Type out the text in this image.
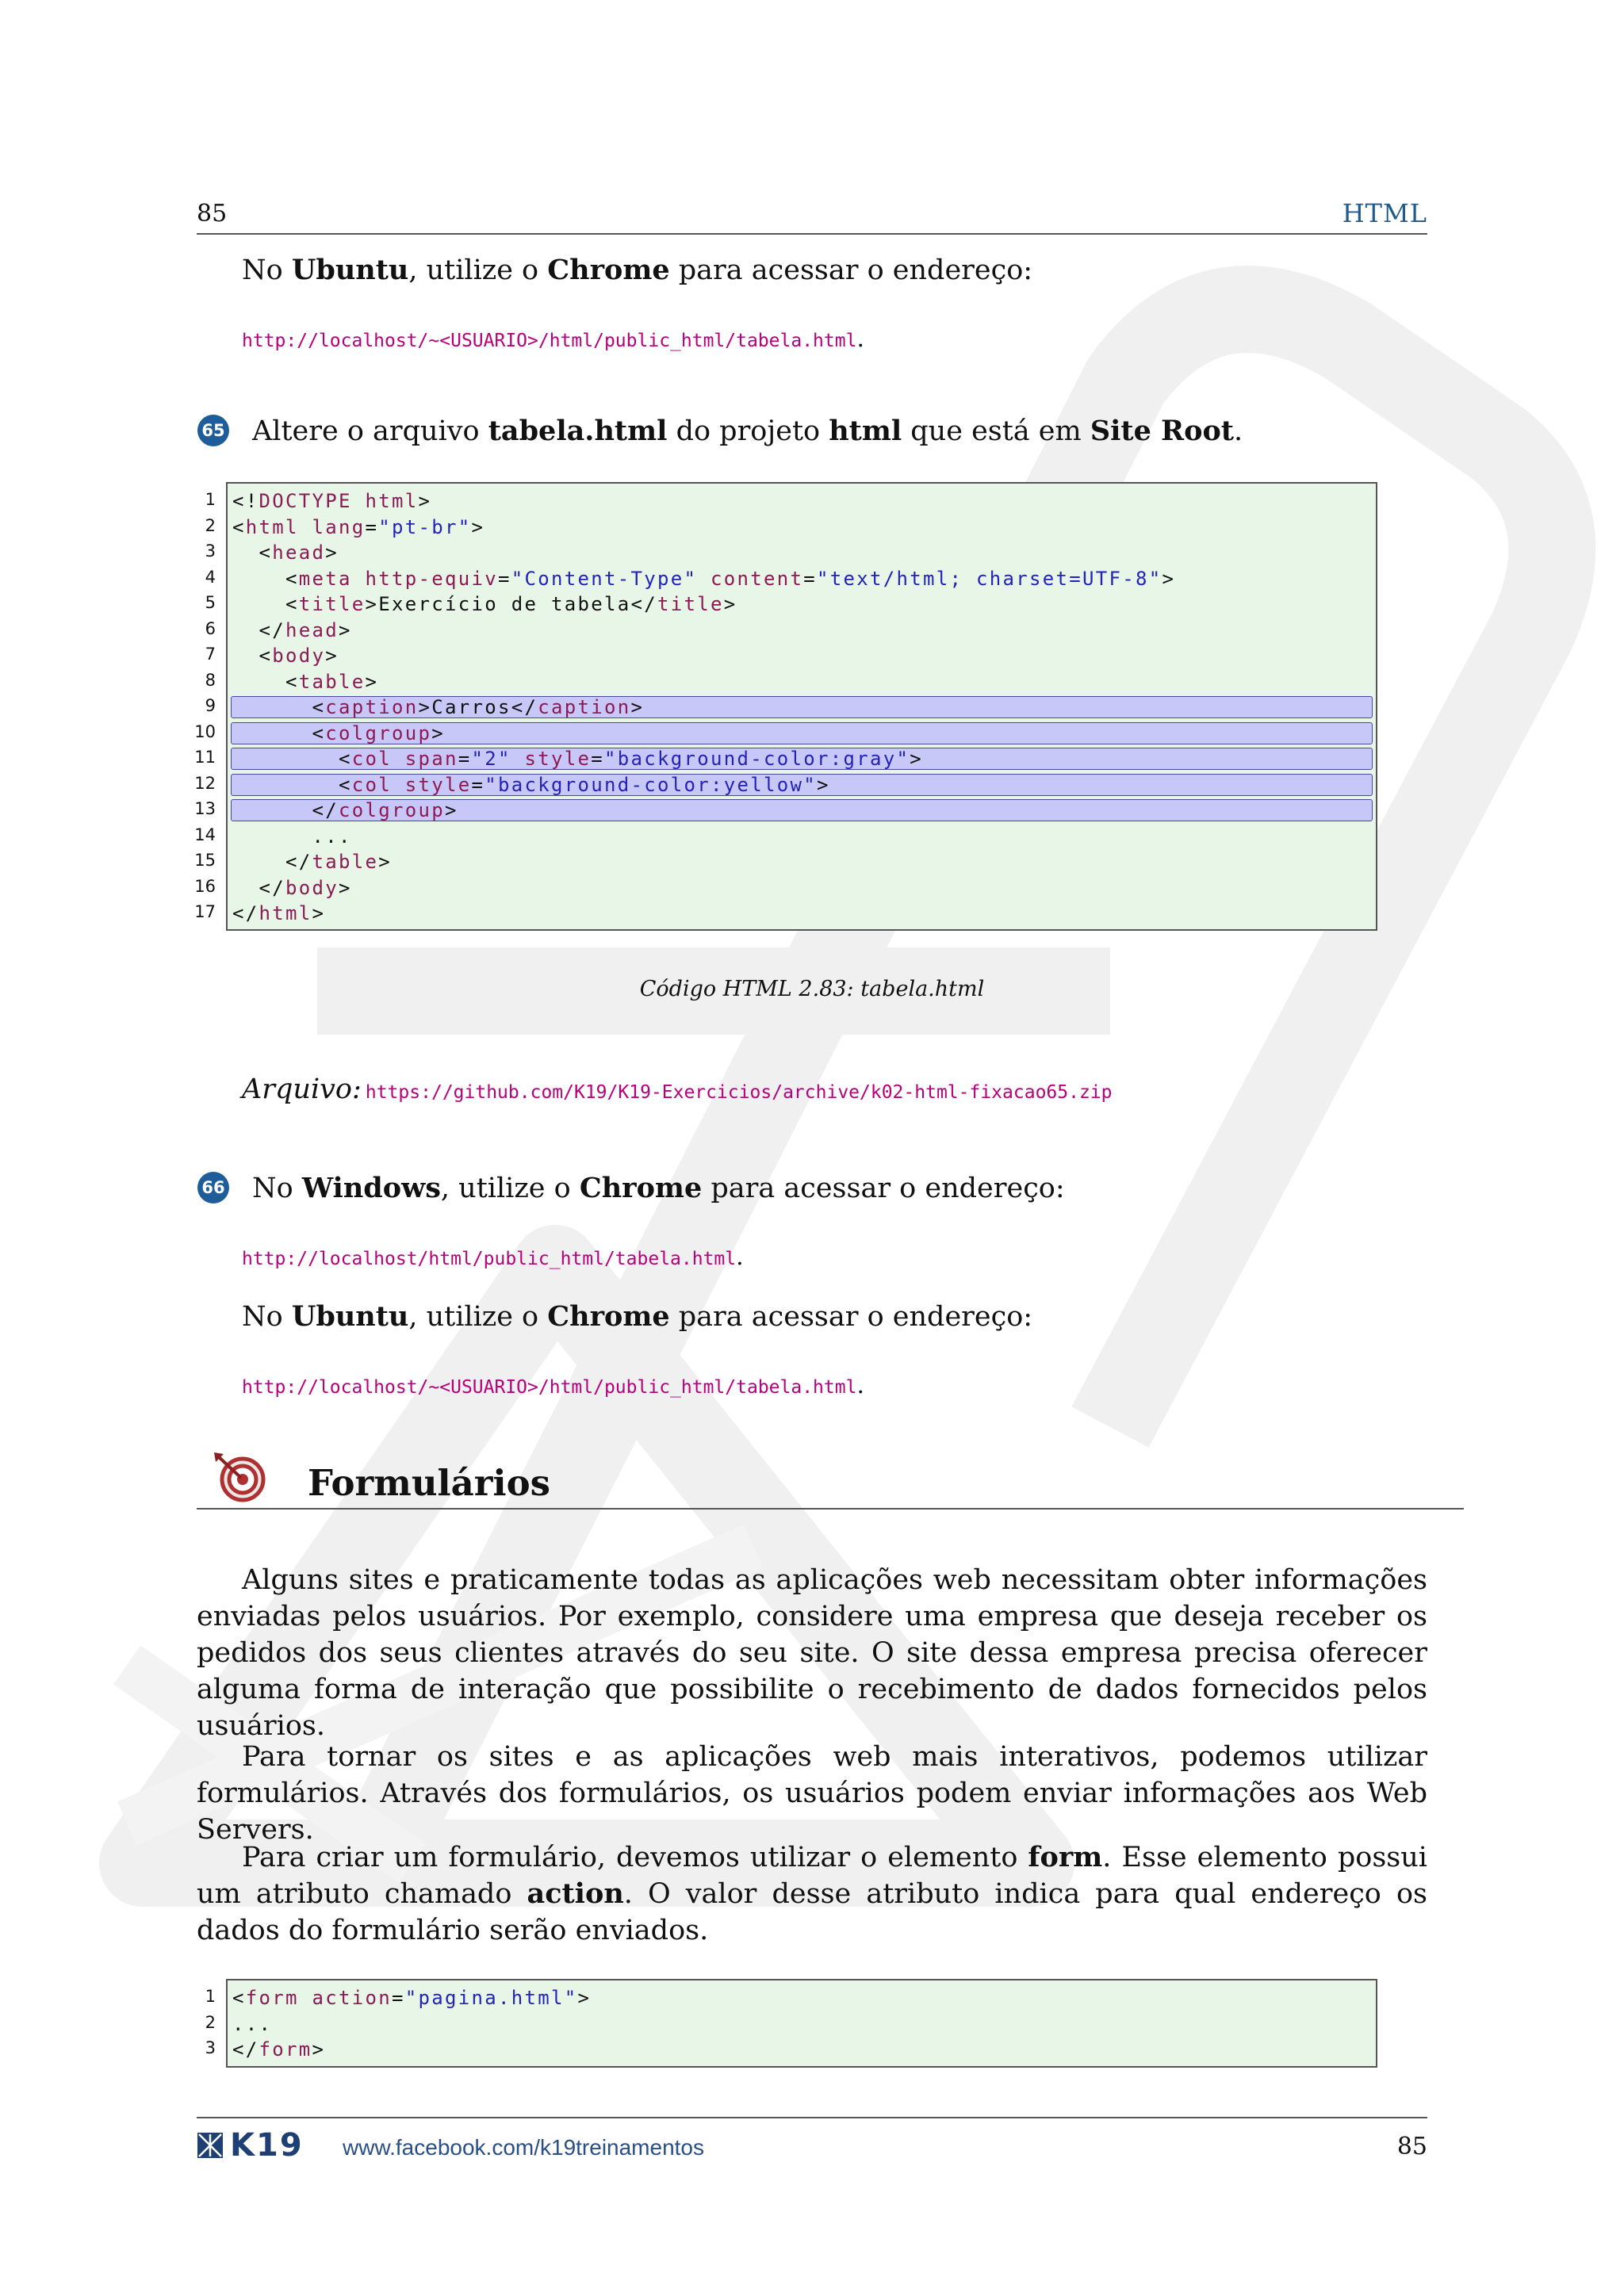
85	HTML
No Ubuntu, utilize o Chrome para acessar o endereço:
http://localhost/~<USUARIO>/html/public_html/tabela.html.
65 Altere o arquivo tabela.html do projeto html que está em Site Root.
1
2
3
4
5
6
7
8
9
10
11
12
13
14
15
16
17
<!DOCTYPE html>
<html lang="pt-br">
<head>
<meta http-equiv="Content-Type" content="text/html; charset=UTF-8">
<title>Exercício de tabela</title>
</head>
<body>
<table>
<caption>Carros</caption>
<colgroup>
<col span="2" style="background-color:gray">
<col style="background-color:yellow">
</colgroup>
...
</table>
</body>
</html>
Código HTML 2.83: tabela.html
Arquivo: https://github.com/K19/K19-Exercicios/archive/k02-html-fixacao65.zip
66 No Windows, utilize o Chrome para acessar o endereço:
http://localhost/html/public_html/tabela.html.
No Ubuntu, utilize o Chrome para acessar o endereço:
http://localhost/~<USUARIO>/html/public_html/tabela.html.
Formulários
Alguns sites e praticamente todas as aplicações web necessitam obter informações enviadas pelos usuários. Por exemplo, considere uma empresa que deseja receber os pedidos dos seus clientes através do seu site. O site dessa empresa precisa oferecer alguma forma de interação que possibilite o recebimento de dados fornecidos pelos usuários.
Para tornar os sites e as aplicações web mais interativos, podemos utilizar formulários. Através dos formulários, os usuários podem enviar informações aos Web Servers.
Para criar um formulário, devemos utilizar o elemento form. Esse elemento possui um atributo chamado action. O valor desse atributo indica para qual endereço os dados do formulário serão enviados.
1
2
3
<form action="pagina.html">
...
</form>
K19 www.facebook.com/k19treinamentos	85
